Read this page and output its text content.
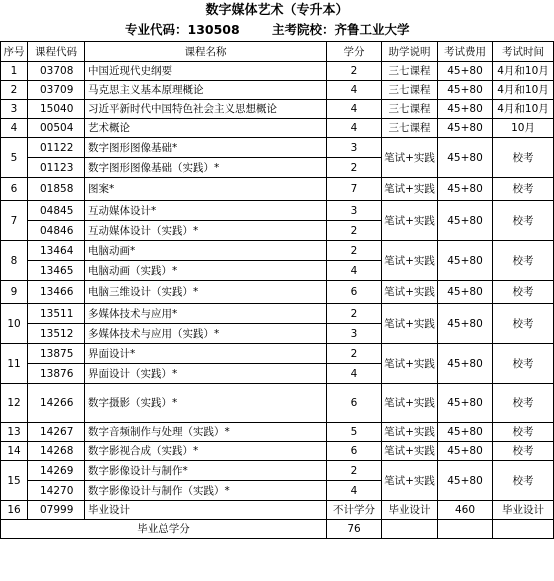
数字媒体艺术（专升本）
专业代码：130508	主考院校：齐鲁工业大学
序号	课程代码	课程名称	学分	助学说明	考试费用	考试时间
1	03708	中国近现代史纲要	2	三七课程	45+80	4月和10月
2	03709	马克思主义基本原理概论	4	三七课程	45+80	4月和10月
3	15040	习近平新时代中国特色社会主义思想概论	4	三七课程	45+80	4月和10月
4	00504	艺术概论	4	三七课程	45+80	10月
5	01122	数字图形图像基础*	3	笔试+实践	45+80	校考
	01123	数字图形图像基础（实践）*	2			
6	01858	图案*	7	笔试+实践	45+80	校考
7	04845	互动媒体设计*	3	笔试+实践	45+80	校考
	04846	互动媒体设计（实践）*	2			
8	13464	电脑动画*	2	笔试+实践	45+80	校考
	13465	电脑动画（实践）*	4			
9	13466	电脑三维设计（实践）*	6	笔试+实践	45+80	校考
10	13511	多媒体技术与应用*	2	笔试+实践	45+80	校考
	13512	多媒体技术与应用（实践）*	3			
11	13875	界面设计*	2	笔试+实践	45+80	校考
	13876	界面设计（实践）*	4			
12	14266	数字摄影（实践）*	6	笔试+实践	45+80	校考
13	14267	数字音频制作与处理（实践）*	5	笔试+实践	45+80	校考
14	14268	数字影视合成（实践）*	6	笔试+实践	45+80	校考
15	14269	数字影像设计与制作*	2	笔试+实践	45+80	校考
	14270	数字影像设计与制作（实践）*	4			
16	07999	毕业设计	不计学分	毕业设计	460	毕业设计
毕业总学分			76			
